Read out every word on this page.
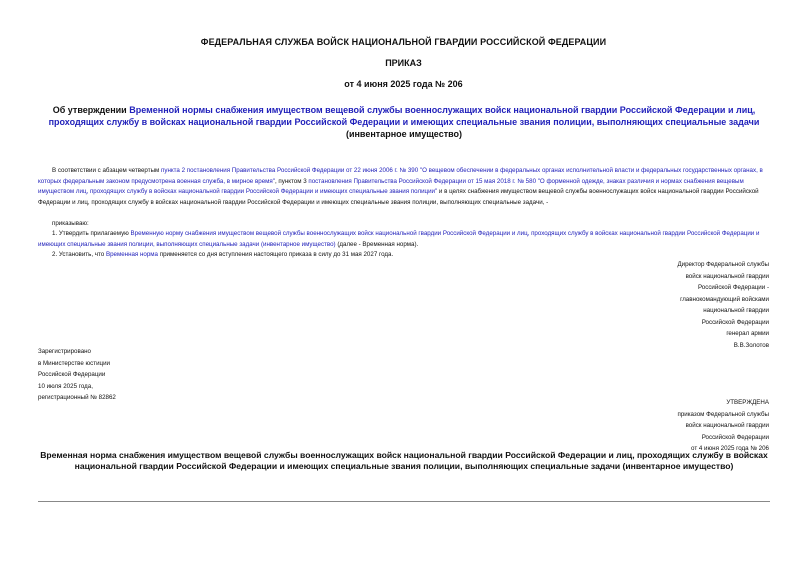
ФЕДЕРАЛЬНАЯ СЛУЖБА ВОЙСК НАЦИОНАЛЬНОЙ ГВАРДИИ РОССИЙСКОЙ ФЕДЕРАЦИИ
ПРИКАЗ
от 4 июня 2025 года № 206
Об утверждении Временной нормы снабжения имуществом вещевой службы военнослужащих войск национальной гвардии Российской Федерации и лиц, проходящих службу в войсках национальной гвардии Российской Федерации и имеющих специальные звания полиции, выполняющих специальные задачи (инвентарное имущество)
В соответствии с абзацем четвертым пункта 2 постановления Правительства Российской Федерации от 22 июня 2006 г. № 390 "О вещевом обеспечении в федеральных органах исполнительной власти и федеральных государственных органах, в которых федеральным законом предусмотрена военная служба, в мирное время", пунктом 3 постановления Правительства Российской Федерации от 15 мая 2018 г. № 580 "О форменной одежде, знаках различия и нормах снабжения вещевым имуществом лиц, проходящих службу в войсках национальной гвардии Российской Федерации и имеющих специальные звания полиции" и в целях снабжения имуществом вещевой службы военнослужащих войск национальной гвардии Российской Федерации и лиц, проходящих службу в войсках национальной гвардии Российской Федерации и имеющих специальные звания полиции, выполняющих специальные задачи, -
приказываю:
1. Утвердить прилагаемую Временную норму снабжения имуществом вещевой службы военнослужащих войск национальной гвардии Российской Федерации и лиц, проходящих службу в войсках национальной гвардии Российской Федерации и имеющих специальные звания полиции, выполняющих специальные задачи (инвентарное имущество) (далее - Временная норма).
2. Установить, что Временная норма применяется со дня вступления настоящего приказа в силу до 31 мая 2027 года.
Директор Федеральной службы
войск национальной гвардии
Российской Федерации -
главнокомандующий войсками
национальной гвардии
Российской Федерации
генерал армии
В.В.Золотов
Зарегистрировано
в Министерстве юстиции
Российской Федерации
10 июля 2025 года,
регистрационный № 82862
УТВЕРЖДЕНА
приказом Федеральной службы
войск национальной гвардии
Российской Федерации
от 4 июня 2025 года № 206
Временная норма снабжения имуществом вещевой службы военнослужащих войск национальной гвардии Российской Федерации и лиц, проходящих службу в войсках национальной гвардии Российской Федерации и имеющих специальные звания полиции, выполняющих специальные задачи (инвентарное имущество)
